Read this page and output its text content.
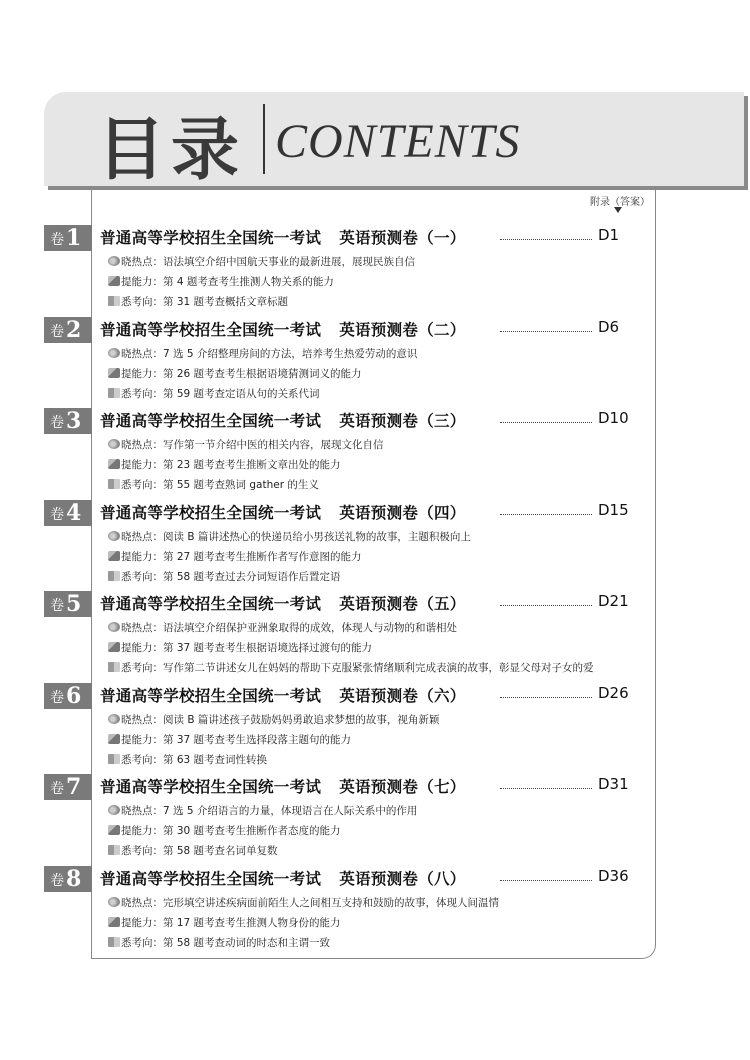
目录 CONTENTS
附录（答案）
卷 1 普通高等学校招生全国统一考试 英语预测卷（一）	D1
晓热点：语法填空介绍中国航天事业的最新进展，展现民族自信
提能力：第 4 题考查考生推测人物关系的能力
悉考向：第 31 题考查概括文章标题
卷 2 普通高等学校招生全国统一考试 英语预测卷（二）	D6
晓热点：7 选 5 介绍整理房间的方法，培养考生热爱劳动的意识
提能力：第 26 题考查考生根据语境猜测词义的能力
悉考向：第 59 题考查定语从句的关系代词
卷 3 普通高等学校招生全国统一考试 英语预测卷（三）	D10
晓热点：写作第一节介绍中医的相关内容，展现文化自信
提能力：第 23 题考查考生推断文章出处的能力
悉考向：第 55 题考查熟词 gather 的生义
卷 4 普通高等学校招生全国统一考试 英语预测卷（四）	D15
晓热点：阅读 B 篇讲述热心的快递员给小男孩送礼物的故事，主题积极向上
提能力：第 27 题考查考生推断作者写作意图的能力
悉考向：第 58 题考查过去分词短语作后置定语
卷 5 普通高等学校招生全国统一考试 英语预测卷（五）	D21
晓热点：语法填空介绍保护亚洲象取得的成效，体现人与动物的和谐相处
提能力：第 37 题考查考生根据语境选择过渡句的能力
悉考向：写作第二节讲述女儿在妈妈的帮助下克服紧张情绪顺利完成表演的故事，彰显父母对子女的爱
卷 6 普通高等学校招生全国统一考试 英语预测卷（六）	D26
晓热点：阅读 B 篇讲述孩子鼓励妈妈勇敢追求梦想的故事，视角新颖
提能力：第 37 题考查考生选择段落主题句的能力
悉考向：第 63 题考查词性转换
卷 7 普通高等学校招生全国统一考试 英语预测卷（七）	D31
晓热点：7 选 5 介绍语言的力量，体现语言在人际关系中的作用
提能力：第 30 题考查考生推断作者态度的能力
悉考向：第 58 题考查名词单复数
卷 8 普通高等学校招生全国统一考试 英语预测卷（八）	D36
晓热点：完形填空讲述疾病面前陌生人之间相互支持和鼓励的故事，体现人间温情
提能力：第 17 题考查考生推测人物身份的能力
悉考向：第 58 题考查动词的时态和主谓一致
